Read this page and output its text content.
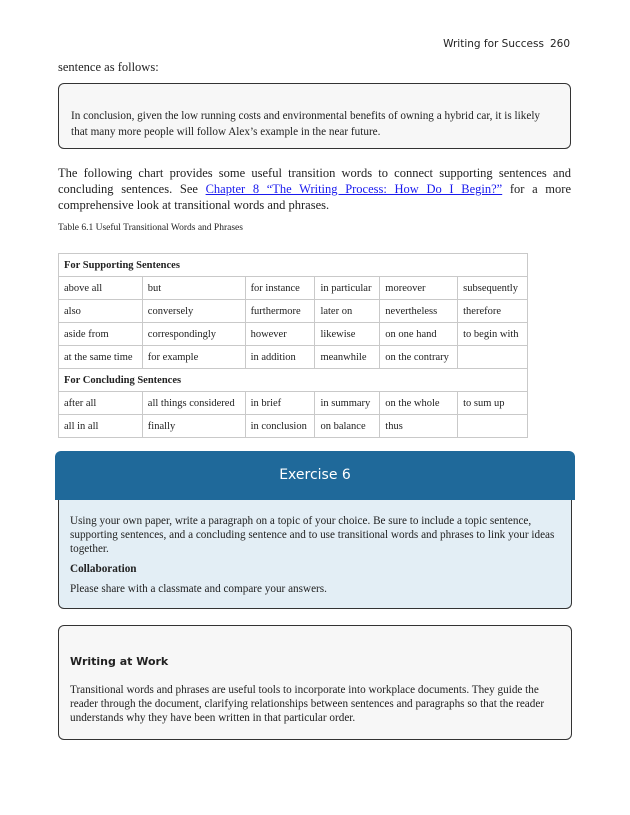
Writing for Success 260
sentence as follows:
In conclusion, given the low running costs and environmental benefits of owning a hybrid car, it is likely that many more people will follow Alex’s example in the near future.
The following chart provides some useful transition words to connect supporting sentences and concluding sentences. See Chapter 8 “The Writing Process: How Do I Begin?” for a more comprehensive look at transitional words and phrases.
Table 6.1 Useful Transitional Words and Phrases
For Supporting Sentences					
above all	but	for instance	in particular	moreover	subsequently
also	conversely	furthermore	later on	nevertheless	therefore
aside from	correspondingly	however	likewise	on one hand	to begin with
at the same time	for example	in addition	meanwhile	on the contrary	
For Concluding Sentences					
after all	all things considered	in brief	in summary	on the whole	to sum up
all in all	finally	in conclusion	on balance	thus	
Exercise 6
Using your own paper, write a paragraph on a topic of your choice. Be sure to include a topic sentence, supporting sentences, and a concluding sentence and to use transitional words and phrases to link your ideas together.
Collaboration
Please share with a classmate and compare your answers.
Writing at Work
Transitional words and phrases are useful tools to incorporate into workplace documents. They guide the reader through the document, clarifying relationships between sentences and paragraphs so that the reader understands why they have been written in that particular order.
